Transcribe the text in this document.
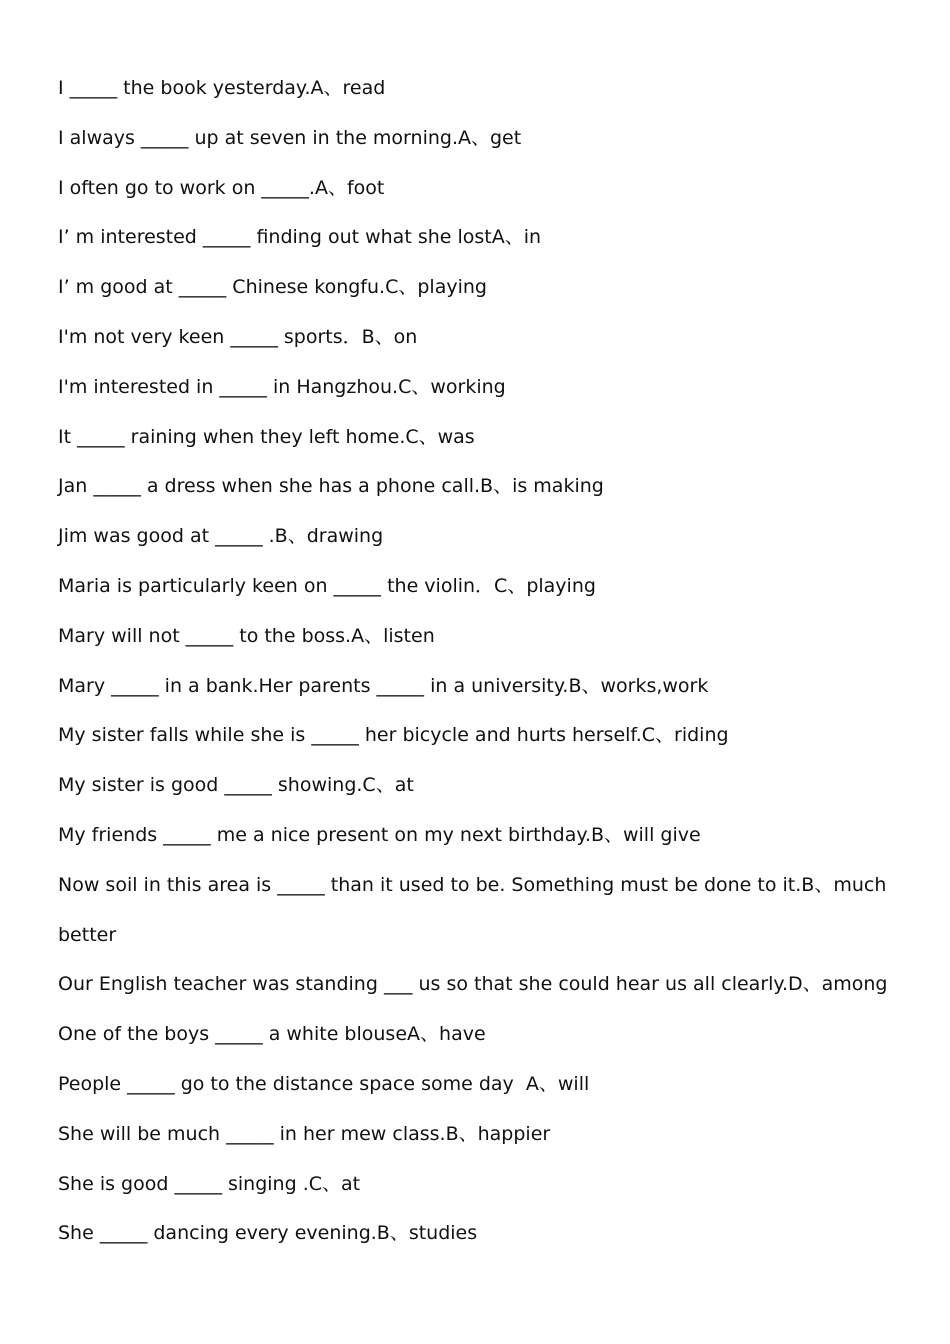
I _____ the book yesterday.A、read
I always _____ up at seven in the morning.A、get
I often go to work on _____.A、foot
I’ m interested _____ finding out what she lostA、in
I’ m good at _____ Chinese kongfu.C、playing
I'm not very keen _____ sports．B、on
I'm interested in _____ in Hangzhou.C、working
It _____ raining when they left home.C、was
Jan _____ a dress when she has a phone call.B、is making
Jim was good at _____ .B、drawing
Maria is particularly keen on _____ the violin．C、playing
Mary will not _____ to the boss.A、listen
Mary _____ in a bank.Her parents _____ in a university.B、works,work
My sister falls while she is _____ her bicycle and hurts herself.C、riding
My sister is good _____ showing.C、at
My friends _____ me a nice present on my next birthday.B、will give
Now soil in this area is _____ than it used to be. Something must be done to it.B、much
better
Our English teacher was standing ___ us so that she could hear us all clearly.D、among
One of the boys _____ a white blouseA、have
People _____ go to the distance space some day  A、will
She will be much _____ in her mew class.B、happier
She is good _____ singing .C、at
She _____ dancing every evening.B、studies
